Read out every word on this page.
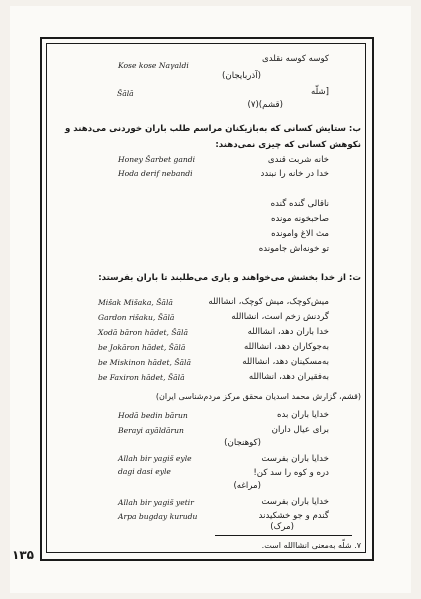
کوسه کوسه نقلدی
Kose kose Naγaldi
(آذربایجان)
[شلّه
Šālā
(قشم)(۷)
ب: ستایش کسانی که به‌بازیکنان مراسم طلب باران خوردنی می‌دهند و
نکوهش کسانی که چیزی نمی‌دهند:
خانه شربت قندی
Honey Šarbet gandi
خدا در خانه را نبندد
Hoda derif nebandi
ناقالی گنده گنده
صاحبخونه مونده
مث الاغ وامونده
تو خونه‌اش جامونده
ت: از خدا بخشش می‌خواهند و یاری می‌طلبند تا باران بفرستد:
میش‌کوچک، میش کوچک، انشاالله
Mišak Mišaka, Šālā
گردنش زخم است، انشاالله
Gardon rišaku, Šālā
خدا باران دهد، انشاالله
Xodā bāron hādet, Šālā
به‌جوکاران دهد، انشاالله
be Jokāron hādet, Šālā
به‌مسکینان دهد، انشاالله
be Miskinon hādet, Šālā
به‌فقیران دهد، انشاالله
be Faxiron hādet, Šālā
(قشم، گزارش محمد اسدیان محقق مرکز مردم‌شناسی ایران)
خدایا باران بده
Hodā bedin bārun
برای عیال داران
Berayi ayāldārun
(کوهنجان)
خدایا باران بفرست
Allah bir yagiš eyle
دره و کوه را سد کن!
dagi dasi eyle
(مراغه)
خدایا باران بفرست
Allah bir yagiš yetir
گندم و جو خشکیدند
Arpa bugday kurudu
(مرک)
۷. شلّه به‌معنی انشاالله است.
۱۳۵
